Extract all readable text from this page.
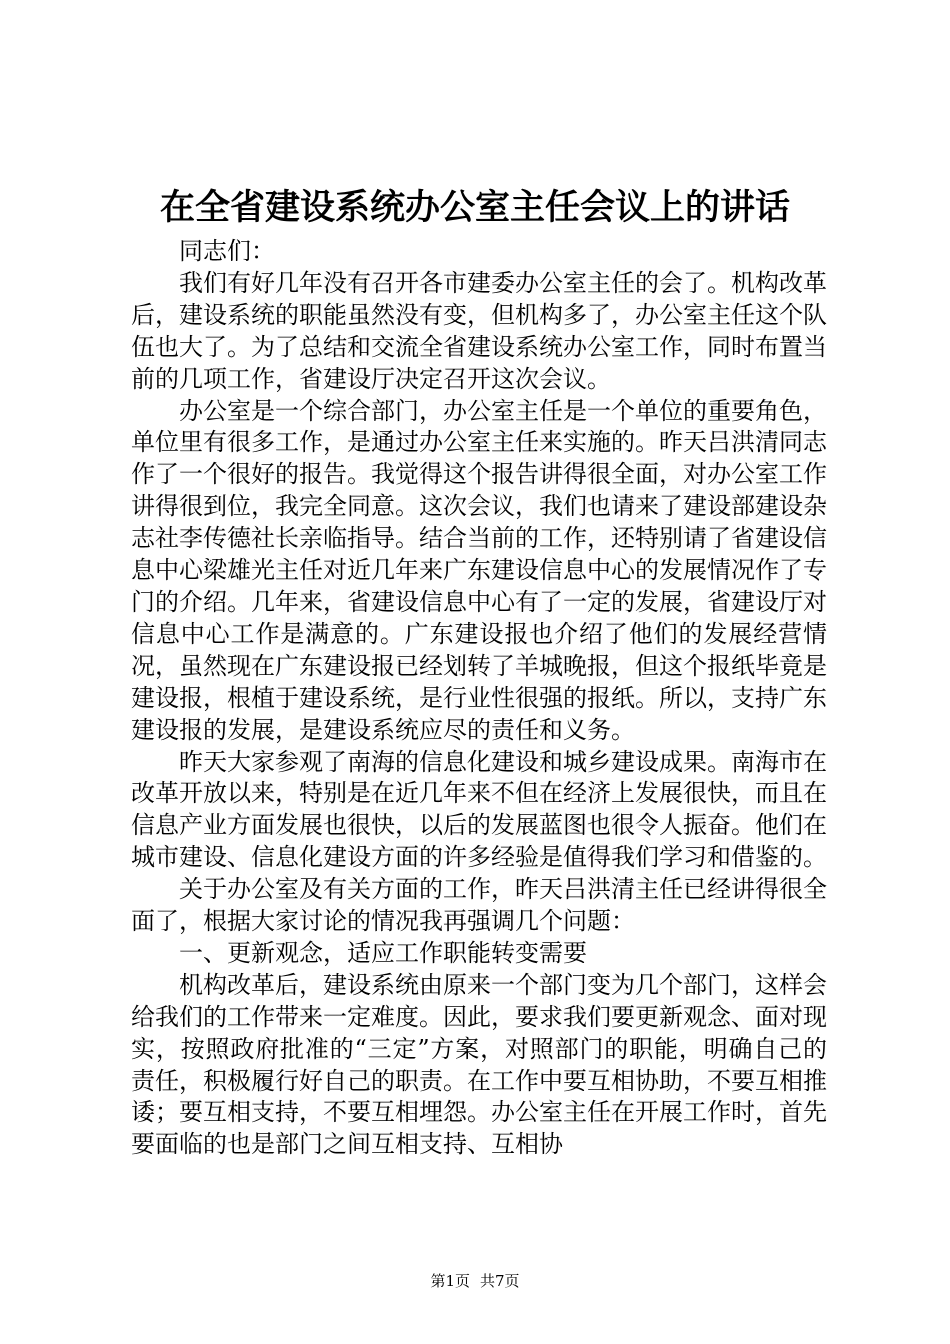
在全省建设系统办公室主任会议上的讲话

同志们：

我们有好几年没有召开各市建委办公室主任的会了。机构改革后，建设系统的职能虽然没有变，但机构多了，办公室主任这个队伍也大了。为了总结和交流全省建设系统办公室工作，同时布置当前的几项工作，省建设厅决定召开这次会议。

办公室是一个综合部门，办公室主任是一个单位的重要角色，单位里有很多工作，是通过办公室主任来实施的。昨天吕洪清同志作了一个很好的报告。我觉得这个报告讲得很全面，对办公室工作讲得很到位，我完全同意。这次会议，我们也请来了建设部建设杂志社李传德社长亲临指导。结合当前的工作，还特别请了省建设信息中心梁雄光主任对近几年来广东建设信息中心的发展情况作了专门的介绍。几年来，省建设信息中心有了一定的发展，省建设厅对信息中心工作是满意的。广东建设报也介绍了他们的发展经营情况，虽然现在广东建设报已经划转了羊城晚报，但这个报纸毕竟是建设报，根植于建设系统，是行业性很强的报纸。所以，支持广东建设报的发展，是建设系统应尽的责任和义务。

昨天大家参观了南海的信息化建设和城乡建设成果。南海市在改革开放以来，特别是在近几年来不但在经济上发展很快，而且在信息产业方面发展也很快，以后的发展蓝图也很令人振奋。他们在城市建设、信息化建设方面的许多经验是值得我们学习和借鉴的。

关于办公室及有关方面的工作，昨天吕洪清主任已经讲得很全面了，根据大家讨论的情况我再强调几个问题：

一、更新观念，适应工作职能转变需要

机构改革后，建设系统由原来一个部门变为几个部门，这样会给我们的工作带来一定难度。因此，要求我们要更新观念、面对现实，按照政府批准的“三定”方案，对照部门的职能，明确自己的责任，积极履行好自己的职责。在工作中要互相协助，不要互相推诿；要互相支持，不要互相埋怨。办公室主任在开展工作时，首先要面临的也是部门之间互相支持、互相协

第1页 共7页
